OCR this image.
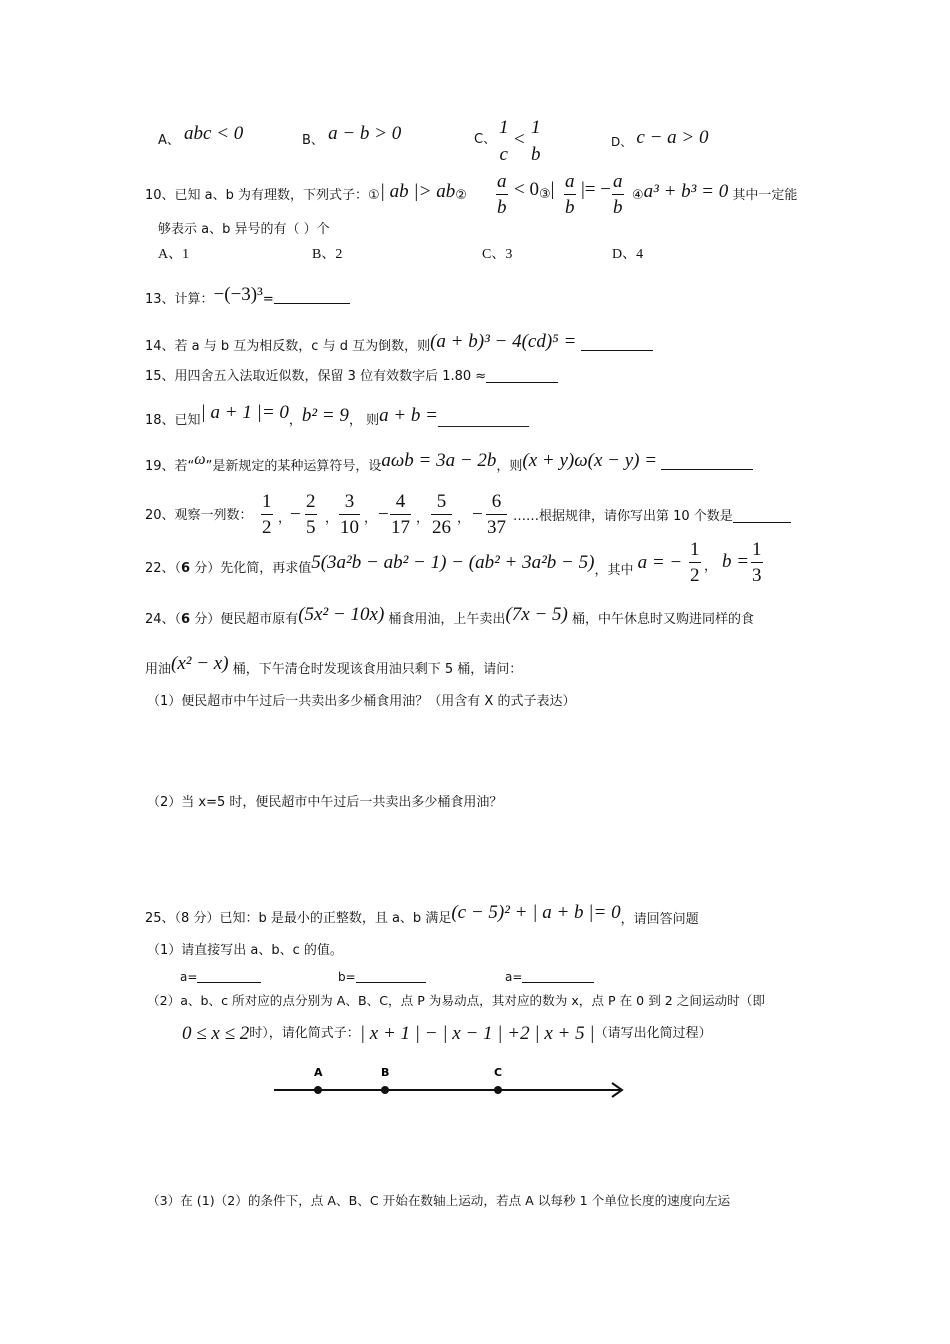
A、 abc < 0	B、 a − b > 0	C、
1
c
<
1
b
D、 c − a > 0
10、已知 a、b 为有理数，下列式子：①| ab |> ab②
a
b
< 0③| a
b
|= − a
b
④a³ + b³ = 0 其中一定能
够表示 a、b 异号的有（ ）个
A、1	B、2	C、3	D、4
13、计算：−(−3)³=
14、若 a 与 b 互为相反数，c 与 d 互为倒数，则(a + b)³ − 4(cd)⁵ =
15、用四舍五入法取近似数，保留 3 位有效数字后 1.80 ≈
18、已知| a + 1 |= 0，b² = 9， 则a + b =______________
19、若“ω”是新规定的某种运算符号，设aωb = 3a − 2b，则(x + y)ω(x − y) =
20、观察一列数：
1
2 ，
−
2
5 ，
3
10 ， −
4
17 ，
5
26 ， −
6
37
……根据规律，请你写出第 10 个数是
22、（6 分）先化简，再求值5(3a²b − ab² − 1) − (ab² + 3a²b − 5)，其中 a = −
1
2 ， b =
1
3
24、（6 分）便民超市原有(5x² − 10x) 桶食用油，上午卖出(7x − 5) 桶，中午休息时又购进同样的食
用油(x² − x) 桶，下午清仓时发现该食用油只剩下 5 桶，请问：
（1）便民超市中午过后一共卖出多少桶食用油？（用含有 X 的式子表达）
（2）当 x=5 时，便民超市中午过后一共卖出多少桶食用油？
25、（8 分）已知：b 是最小的正整数，且 a、b 满足(c − 5)² + | a + b |= 0，请回答问题
（1）请直接写出 a、b、c 的值。
a=	b=	a=
（2）a、b、c 所对应的点分别为 A、B、C，点 P 为易动点，其对应的数为 x，点 P 在 0 到 2 之间运动时（即
0 ≤ x ≤ 2时），请化简式子：| x + 1 | − | x − 1 | +2 | x + 5 |（请写出化简过程）
A	B	C
（3）在 (1)（2）的条件下，点 A、B、C 开始在数轴上运动，若点 A 以每秒 1 个单位长度的速度向左运
